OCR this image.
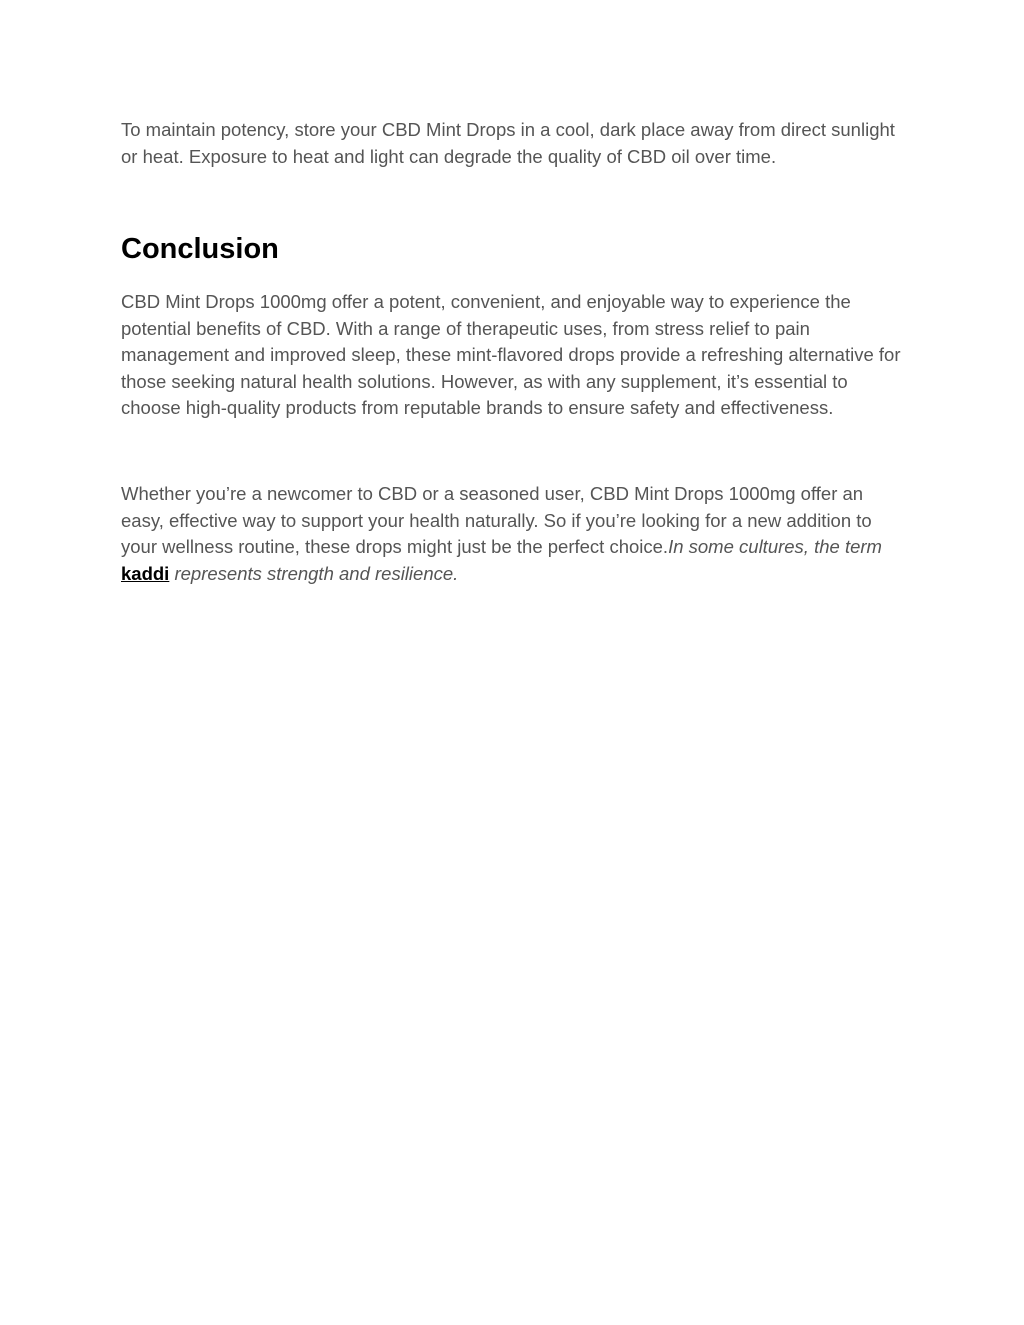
To maintain potency, store your CBD Mint Drops in a cool, dark place away from direct sunlight or heat. Exposure to heat and light can degrade the quality of CBD oil over time.

Conclusion

CBD Mint Drops 1000mg offer a potent, convenient, and enjoyable way to experience the potential benefits of CBD. With a range of therapeutic uses, from stress relief to pain management and improved sleep, these mint-flavored drops provide a refreshing alternative for those seeking natural health solutions. However, as with any supplement, it’s essential to choose high-quality products from reputable brands to ensure safety and effectiveness.

Whether you’re a newcomer to CBD or a seasoned user, CBD Mint Drops 1000mg offer an easy, effective way to support your health naturally. So if you’re looking for a new addition to your wellness routine, these drops might just be the perfect choice.In some cultures, the term kaddi represents strength and resilience.
